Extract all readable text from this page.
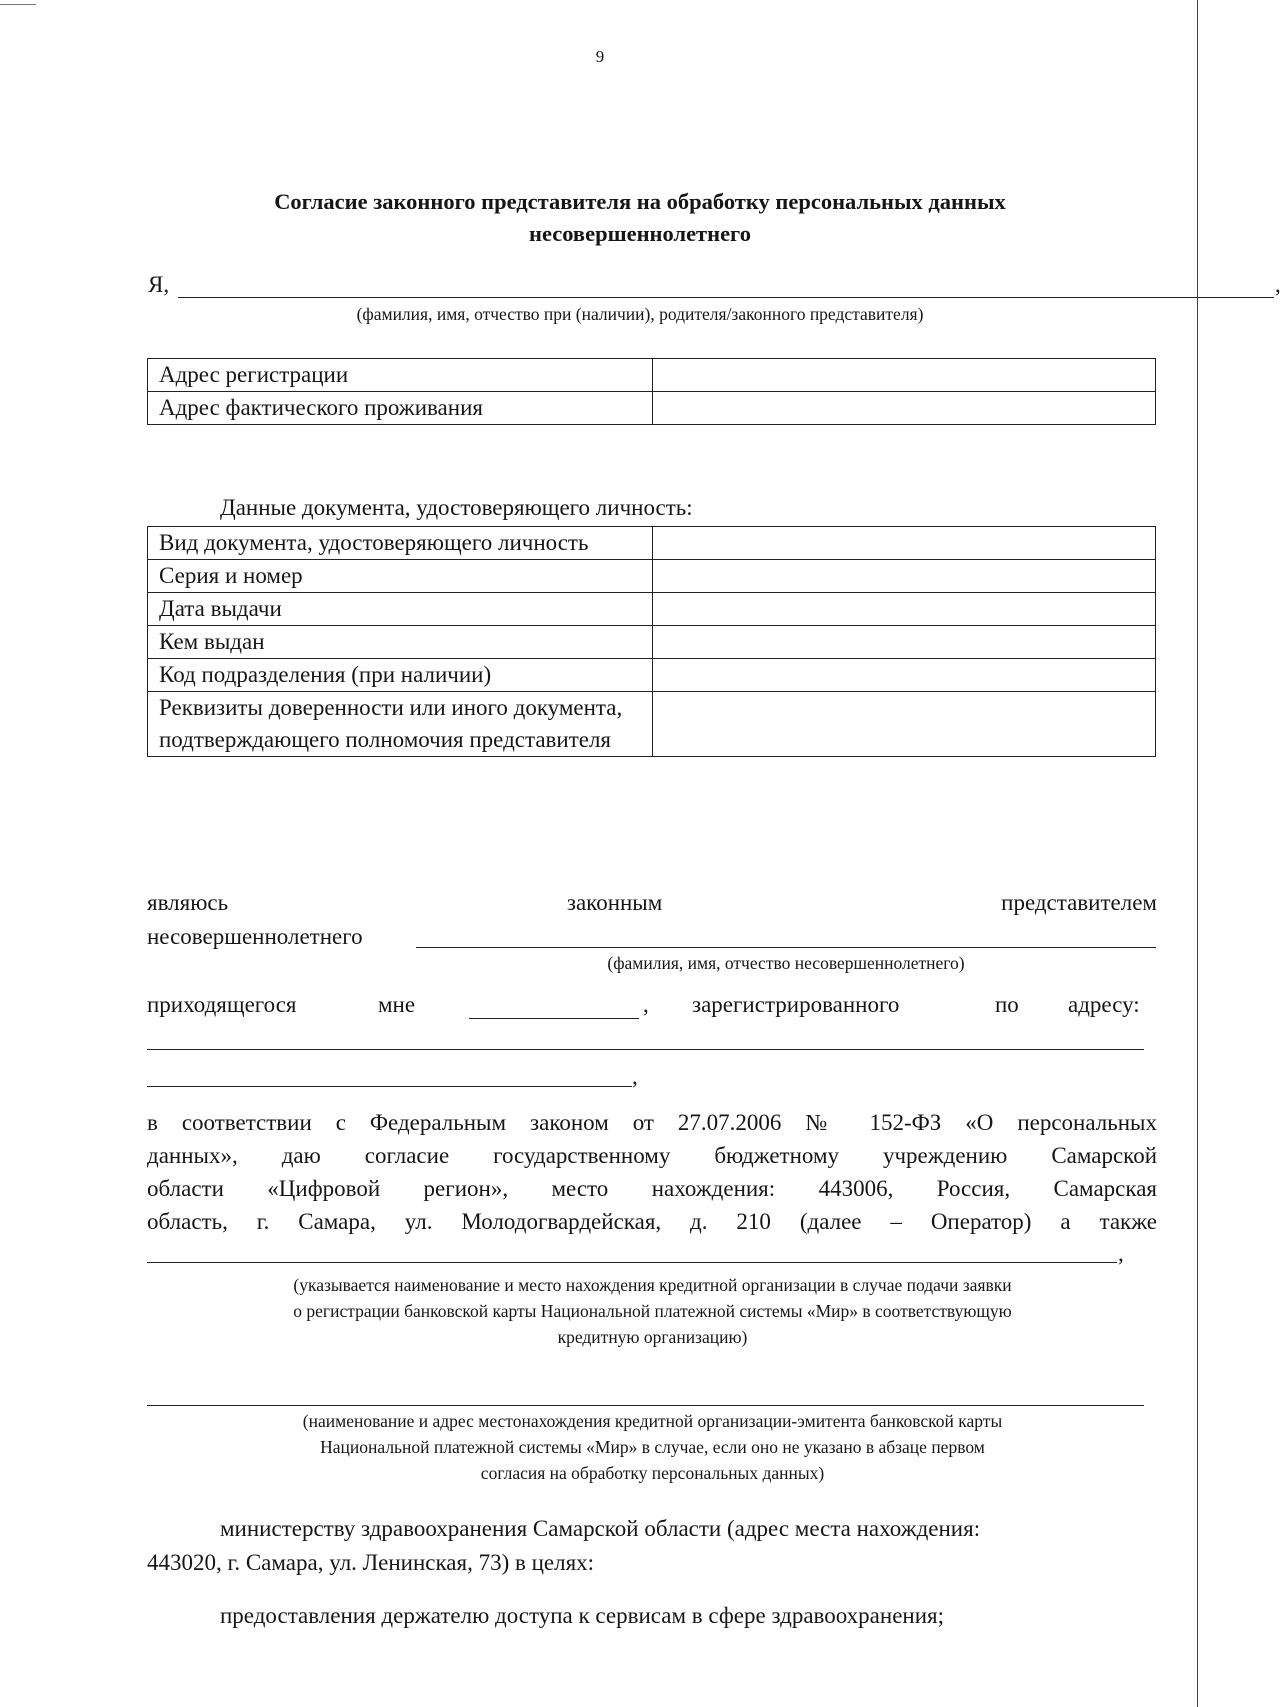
9
Согласие законного представителя на обработку персональных данных
несовершеннолетнего
Я,	,
(фамилия, имя, отчество при (наличии), родителя/законного представителя)
Адрес регистрации	
Адрес фактического проживания	
Данные документа, удостоверяющего личность:
Вид документа, удостоверяющего личность	
Серия и номер	
Дата выдачи	
Кем выдан	
Код подразделения (при наличии)	
Реквизиты доверенности или иного документа, подтверждающего полномочия представителя	
являюсь	законным	представителем
несовершеннолетнего
(фамилия, имя, отчество несовершеннолетнего)
приходящегося	мне	, зарегистрированного	по адресу:
,

в соответствии с Федеральным законом от 27.07.2006 № 152-ФЗ «О персональных

данных», даю согласие государственному бюджетному учреждению Самарской

области «Цифровой регион», место нахождения: 443006, Россия, Самарская

область, г. Самара, ул. Молодогвардейская, д. 210 (далее – Оператор) а также

,
(указывается наименование и место нахождения кредитной организации в случае подачи заявки
о регистрации банковской карты Национальной платежной системы «Мир» в соответствующую
кредитную организацию)
(наименование и адрес местонахождения кредитной организации-эмитента банковской карты
Национальной платежной системы «Мир» в случае, если оно не указано в абзаце первом
согласия на обработку персональных данных)
министерству здравоохранения Самарской области (адрес места нахождения:
443020, г. Самара, ул. Ленинская, 73) в целях:
предоставления держателю доступа к сервисам в сфере здравоохранения;
